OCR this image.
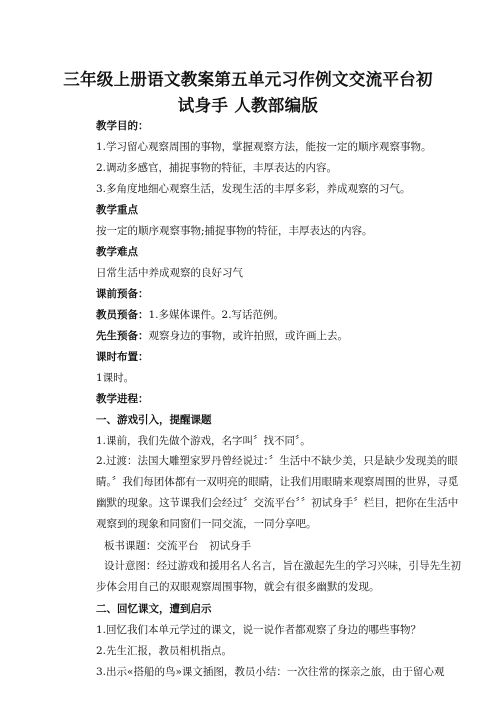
三年级上册语文教案第五单元习作例文交流平台初
试身手 人教部编版
教学目的：
1.学习留心观察周围的事物，掌握观察方法，能按一定的顺序观察事物。
2.调动多感官，捕捉事物的特征，丰厚表达的内容。
3.多角度地细心观察生活，发现生活的丰厚多彩，养成观察的习气。
教学重点
按一定的顺序观察事物;捕捉事物的特征，丰厚表达的内容。
教学难点
日常生活中养成观察的良好习气
课前预备：
教员预备：1.多媒体课件。2.写话范例。
先生预备：观察身边的事物，或许拍照，或许画上去。
课时布置：
1课时。
教学进程：
一、游戏引入，提醒课题
1.课前，我们先做个游戏，名字叫〞找不同〞。
2.过渡：法国大雕塑家罗丹曾经说过：〞生活中不缺少美，只是缺少发现美的眼睛。〞我们每团体都有一双明亮的眼睛，让我们用眼睛来观察周围的世界，寻觅幽默的现象。这节课我们会经过〞交流平台〞〞初试身手〞栏目，把你在生活中观察到的现象和同窗们一同交流，一同分享吧。
板书课题：交流平台　初试身手
设计意图：经过游戏和援用名人名言，旨在激起先生的学习兴味，引导先生初步体会用自己的双眼观察周围事物，就会有很多幽默的发现。
二、回忆课文，遭到启示
1.回忆我们本单元学过的课文，说一说作者都观察了身边的哪些事物？
2.先生汇报，教员相机指点。
3.出示«搭船的鸟»课文插图，教员小结：一次往常的探亲之旅，由于留心观
